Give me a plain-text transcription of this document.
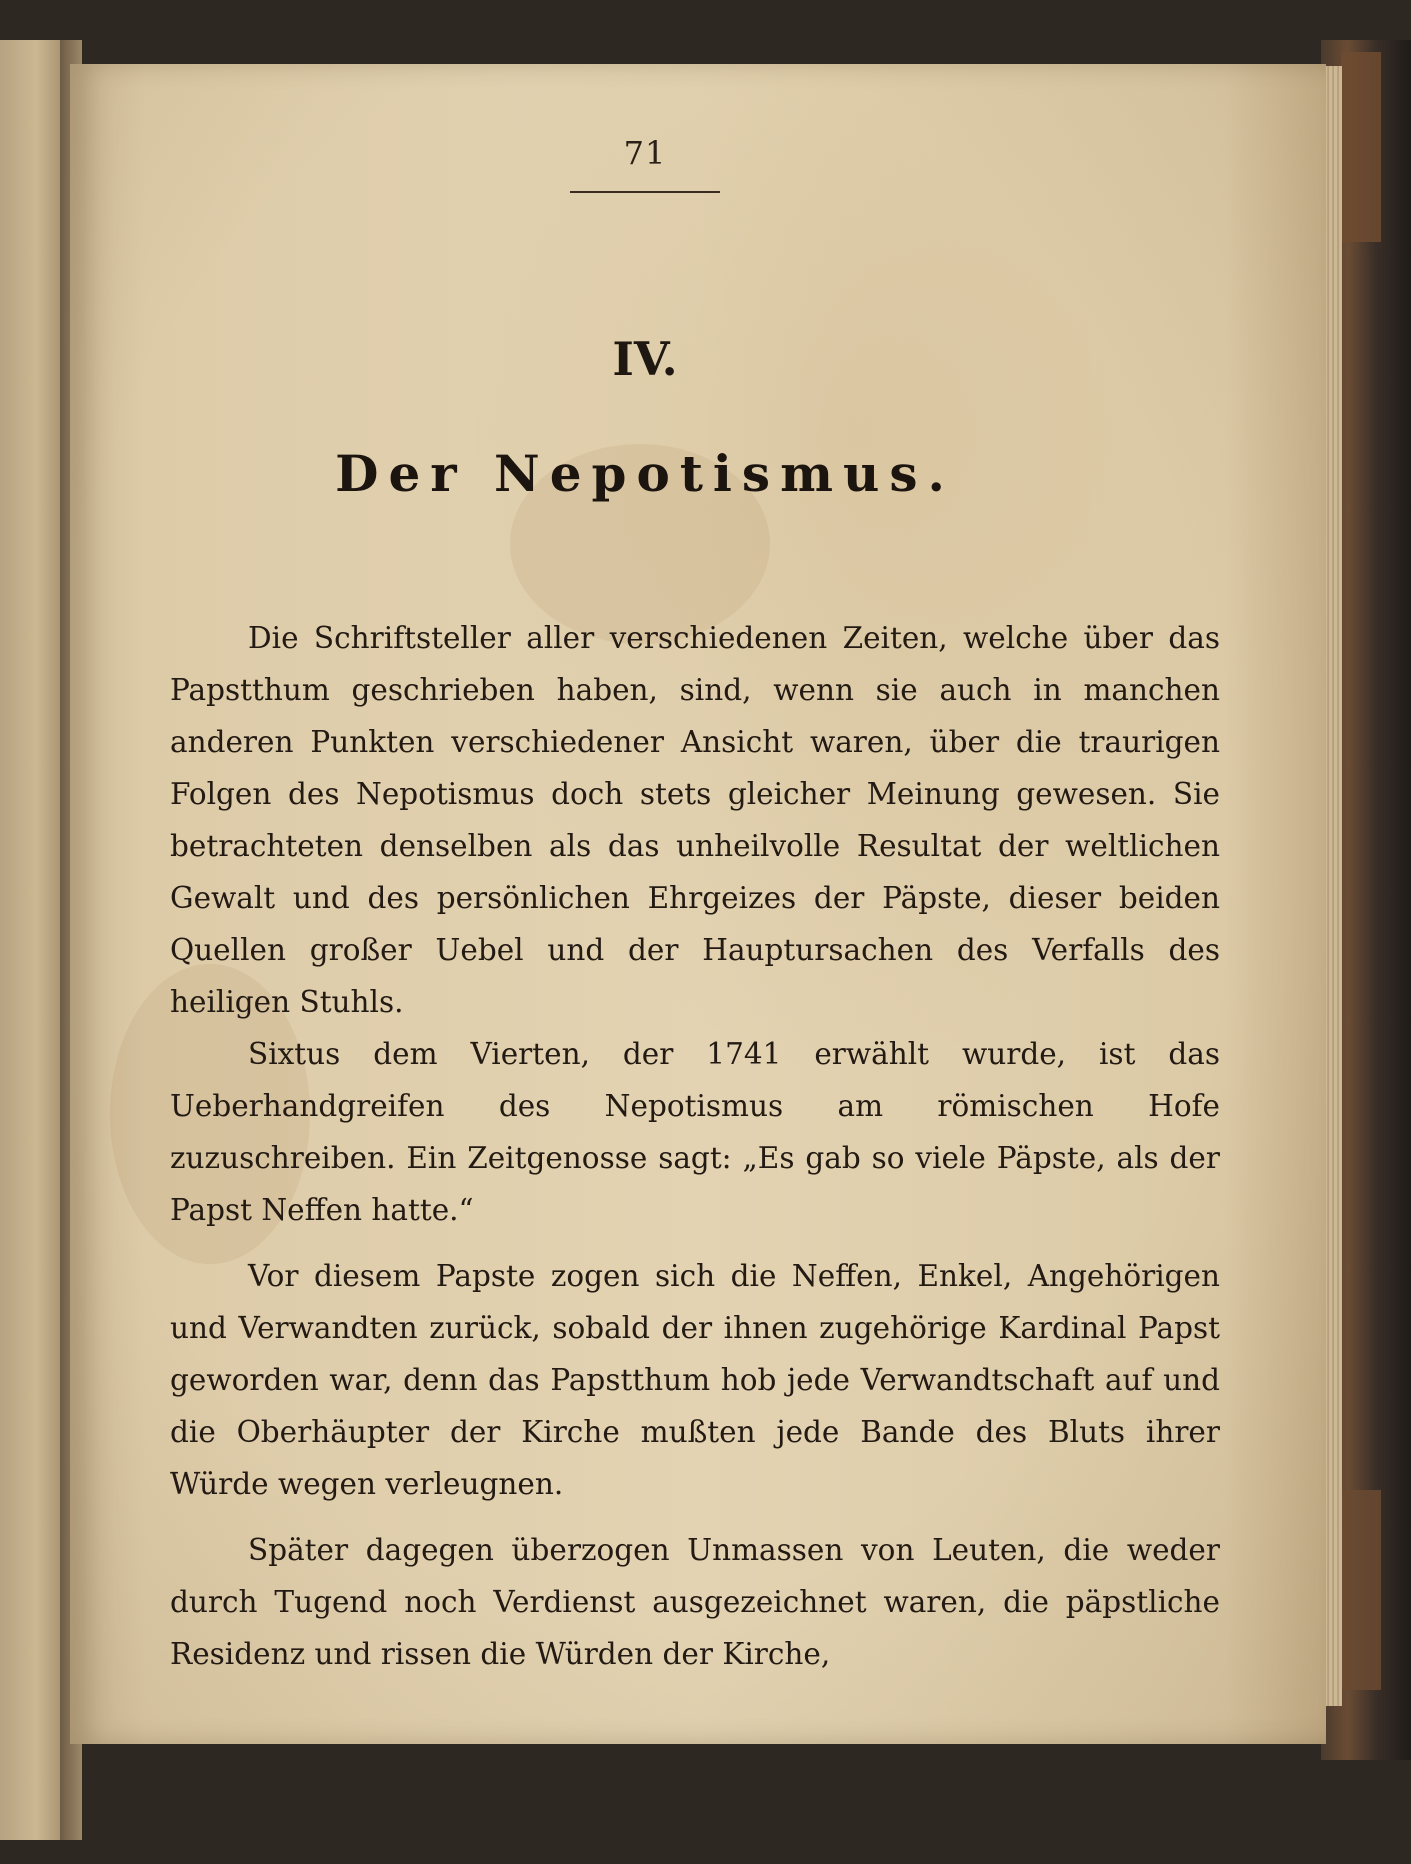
71
IV.
Der Nepotismus.

Die Schriftsteller aller verschiedenen Zeiten, welche über das Papstthum geschrieben haben, sind, wenn sie auch in manchen anderen Punkten verschiedener Ansicht waren, über die traurigen Folgen des Nepotismus doch stets gleicher Meinung gewesen. Sie betrachteten denselben als das unheilvolle Resultat der weltlichen Gewalt und des persönlichen Ehrgeizes der Päpste, dieser beiden Quellen großer Uebel und der Hauptursachen des Verfalls des heiligen Stuhls.

Sixtus dem Vierten, der 1741 erwählt wurde, ist das Ueberhandgreifen des Nepotismus am römischen Hofe zuzuschreiben. Ein Zeitgenosse sagt: „Es gab so viele Päpste, als der Papst Neffen hatte.“

Vor diesem Papste zogen sich die Neffen, Enkel, Angehörigen und Verwandten zurück, sobald der ihnen zugehörige Kardinal Papst geworden war, denn das Papstthum hob jede Verwandtschaft auf und die Oberhäupter der Kirche mußten jede Bande des Bluts ihrer Würde wegen verleugnen.

Später dagegen überzogen Unmassen von Leuten, die weder durch Tugend noch Verdienst ausgezeichnet waren, die päpstliche Residenz und rissen die Würden der Kirche,
